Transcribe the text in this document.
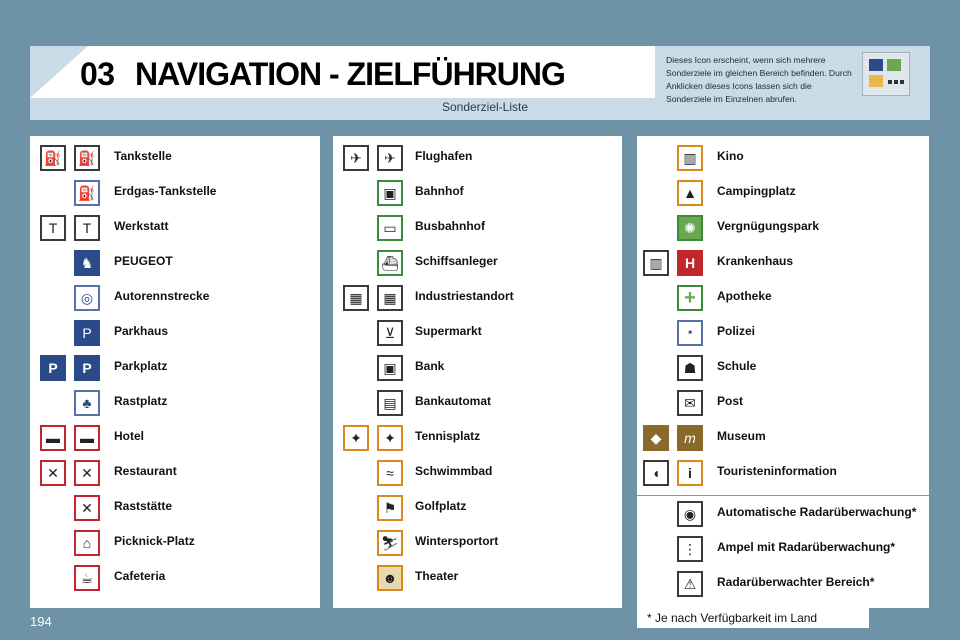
03 NAVIGATION - ZIELFÜHRUNG
Sonderziel-Liste
Dieses Icon erscheint, wenn sich mehrere Sonderziele im gleichen Bereich befinden. Durch Anklicken dieses Icons lassen sich die Sonderziele im Einzelnen abrufen.
⛽	⛽	Tankstelle
⛽	Erdgas-Tankstelle
T	T	Werkstatt
♞	PEUGEOT
◎	Autorennstrecke
P	Parkhaus
P	P	Parkplatz
♣	Rastplatz
▬	▬	Hotel
✕	✕	Restaurant
✕	Raststätte
⌂	Picknick-Platz
☕	Cafeteria
✈	✈	Flughafen
▣	Bahnhof
▭	Busbahnhof
⛴	Schiffsanleger
▦	▦	Industriestandort
⊻	Supermarkt
▣	Bank
▤	Bankautomat
✦	✦	Tennisplatz
≈	Schwimmbad
⚑	Golfplatz
⛷	Wintersportort
☻	Theater
▥	Kino
▲	Campingplatz
✺	Vergnügungspark
▥	H	Krankenhaus
+	Apotheke
■	Polizei
☗	Schule
✉	Post
◆	m	Museum
◖	i	Touristeninformation
◉	Automatische Radarüberwachung*
⋮	Ampel mit Radarüberwachung*
⚠	Radarüberwachter Bereich*
194	* Je nach Verfügbarkeit im Land
